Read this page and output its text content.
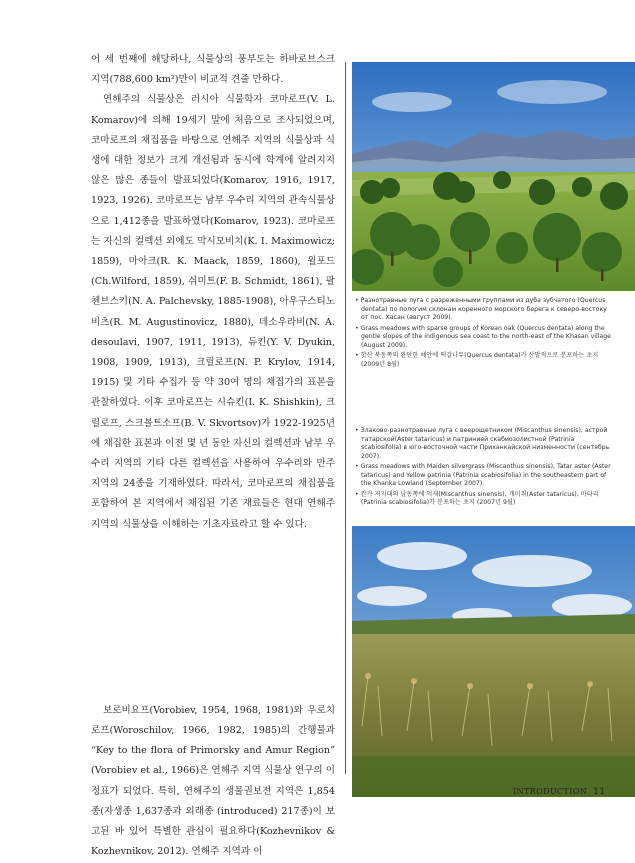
어 세 번째에 해당하나, 식물상의 풍부도는 하바로브스크 지역(788,600 km²)만이 비교적 견줄 만하다.

연해주의 식물상은 러시아 식물학자 코마로프(V. L. Komarov)에 의해 19세기 말에 처음으로 조사되었으며, 코마로프의 채집품을 바탕으로 연해주 지역의 식물상과 식생에 대한 정보가 크게 개선됨과 동시에 학계에 알려지지 않은 많은 종들이 발표되었다(Komarov, 1916, 1917, 1923, 1926). 코마로프는 남부 우수리 지역의 관속식물상으로 1,412종을 발표하였다(Komarov, 1923). 코마로프는 자신의 컬렉션 외에도 막시모비치(K. I. Maximowicz; 1859), 마아크(R. K. Maack, 1859, 1860), 윌포드(Ch.Wilford, 1859), 쉬미트(F. B. Schmidt, 1861), 팔첸브스키(N. A. Palchevsky, 1885-1908), 아우구스티노비츠(R. M. Augustinovicz, 1880), 데소우라비(N. A. desoulavi, 1907, 1911, 1913), 듀킨(Y. V. Dyukin, 1908, 1909, 1913), 크릴로프(N. P. Krylov, 1914, 1915) 및 기타 수집가 등 약 30여 명의 채집가의 표본을 관찰하였다. 이후 코마로프는 시슈킨(I. K. Shishkin), 크릴로프, 스크볼트소프(B. V. Skvortsov)가 1922-1925년에 채집한 표본과 이전 몇 년 동안 자신의 컬렉션과 남부 우수리 지역의 기타 다른 컬렉션을 사용하여 우수리와 만주 지역의 24종을 기재하였다. 따라서, 코마로프의 채집품을 포함하여 본 지역에서 채집된 기존 재료들은 현대 연해주 지역의 식물상을 이해하는 기초자료라고 할 수 있다.

보로비요프(Vorobiev, 1954, 1968, 1981)와 우로치로프(Woroschilov, 1966, 1982, 1985)의 간행물과 “Key to the flora of Primorsky and Amur Region” (Vorobiev et al., 1966)은 연해주 지역 식물상 연구의 이정표가 되었다. 특히, 연해주의 생물권보전 지역은 1,854종(자생종 1,637종과 외래종 (introduced) 217종)이 보고된 바 있어 특별한 관심이 필요하다(Kozhevnikov & Kozhevnikov, 2012). 연해주 지역과 이

• Разнотравные луга с разреженными группами из дуба зубчатого (Quercus dentata) по пологим склонам коренного морского берега к северо-востоку от пос. Хасан (август 2009).
• Grass meadows with sparse groups of Korean oak (Quercus dentata) along the gentle slopes of the indigenous sea coast to the north-east of the Khasan village (August 2009).
• 핫산 북동쪽의 완만한 해안에 떡갈나무(Quercus dentata)가 산발적으로 분포하는 초지 (2009년 8월)
• Злаково-разнотравные луга с веерощетником (Miscanthus sinensis), астрой татарской(Aster tataricus) и патринией скабиозолистной (Patrinia scabiosifolia) в юго-восточной части Приханкайской низменности (сентябрь 2007).
• Grass meadows with Maiden silvergrass (Miscanthus sinensis), Tatar aster (Aster tataricus) and Yellow patrinia (Patrinia scabiosifolia) in the southeastern part of the Khanka Lowland (September 2007).
• 칸카 저지대의 남동쪽에 억새(Miscanthus sinensis), 개미취(Aster tataricus), 마타리(Patrinia scabiosifolia)가 분포하는 초지 (2007년 9월)
INTRODUCTION 11
